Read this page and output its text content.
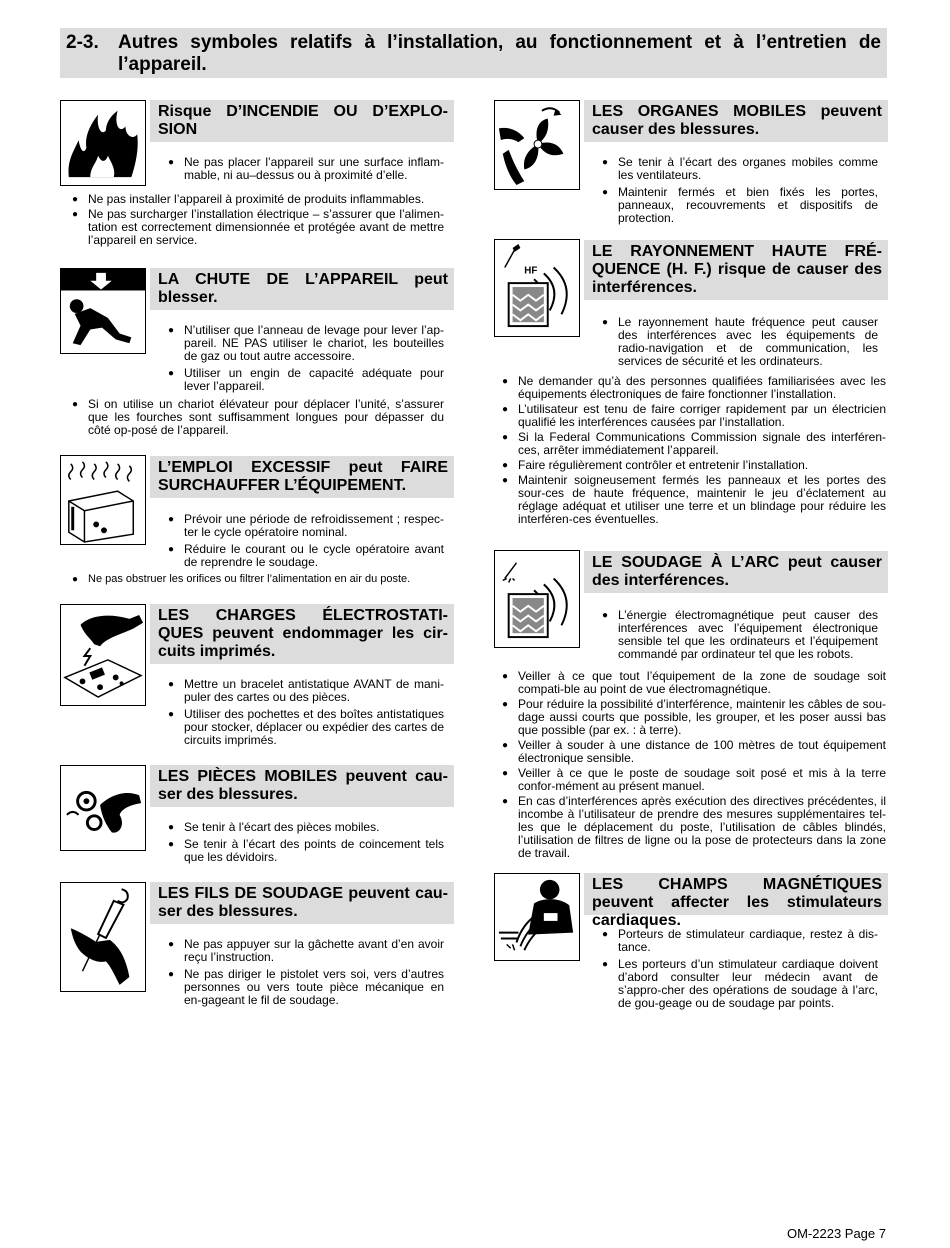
2-3. Autres symboles relatifs à l’installation, au fonctionnement et à l’entretien de l’appareil.
Risque D’INCENDIE OU D’EXPLO-SION
● Ne pas placer l’appareil sur une surface inflam-mable, ni au–dessus ou à proximité d’elle.
● Ne pas installer l’appareil à proximité de produits inflammables.
● Ne pas surcharger l’installation électrique – s’assurer que l’alimen-tation est correctement dimensionnée et protégée avant de mettre l’appareil en service.
LA CHUTE DE L’APPAREIL peut blesser.
● N’utiliser que l’anneau de levage pour lever l’ap-pareil. NE PAS utiliser le chariot, les bouteilles de gaz ou tout autre accessoire.
● Utiliser un engin de capacité adéquate pour lever l’appareil.
● Si on utilise un chariot élévateur pour déplacer l’unité, s’assurer que les fourches sont suffisamment longues pour dépasser du côté op-posé de l’appareil.
L’EMPLOI EXCESSIF peut FAIRE SURCHAUFFER L’ÉQUIPEMENT.
● Prévoir une période de refroidissement ; respec-ter le cycle opératoire nominal.
● Réduire le courant ou le cycle opératoire avant de reprendre le soudage.
● Ne pas obstruer les orifices ou filtrer l’alimentation en air du poste.
LES CHARGES ÉLECTROSTATI-QUES peuvent endommager les cir-cuits imprimés.
● Mettre un bracelet antistatique AVANT de mani-puler des cartes ou des pièces.
● Utiliser des pochettes et des boîtes antistatiques pour stocker, déplacer ou expédier des cartes de circuits imprimés.
LES PIÈCES MOBILES peuvent cau-ser des blessures.
● Se tenir à l’écart des pièces mobiles.
● Se tenir à l’écart des points de coincement tels que les dévidoirs.
LES FILS DE SOUDAGE peuvent cau-ser des blessures.
● Ne pas appuyer sur la gâchette avant d’en avoir reçu l’instruction.
● Ne pas diriger le pistolet vers soi, vers d’autres personnes ou vers toute pièce mécanique en en-gageant le fil de soudage.
LES ORGANES MOBILES peuvent causer des blessures.
● Se tenir à l’écart des organes mobiles comme les ventilateurs.
● Maintenir fermés et bien fixés les portes, panneaux, recouvrements et dispositifs de protection.
HF
LE RAYONNEMENT HAUTE FRÉ-QUENCE (H. F.) risque de causer des interférences.
● Le rayonnement haute fréquence peut causer des interférences avec les équipements de radio-navigation et de communication, les services de sécurité et les ordinateurs.
● Ne demander qu’à des personnes qualifiées familiarisées avec les équipements électroniques de faire fonctionner l’installation.
● L’utilisateur est tenu de faire corriger rapidement par un électricien qualifié les interférences causées par l’installation.
● Si la Federal Communications Commission signale des interféren-ces, arrêter immédiatement l’appareil.
● Faire régulièrement contrôler et entretenir l’installation.
● Maintenir soigneusement fermés les panneaux et les portes des sour-ces de haute fréquence, maintenir le jeu d’éclatement au réglage adéquat et utiliser une terre et un blindage pour réduire les interféren-ces éventuelles.
LE SOUDAGE À L’ARC peut causer des interférences.
● L’énergie électromagnétique peut causer des interférences avec l’équipement électronique sensible tel que les ordinateurs et l’équipement commandé par ordinateur tel que les robots.
● Veiller à ce que tout l’équipement de la zone de soudage soit compati-ble au point de vue électromagnétique.
● Pour réduire la possibilité d’interférence, maintenir les câbles de sou-dage aussi courts que possible, les grouper, et les poser aussi bas que possible (par ex. : à terre).
● Veiller à souder à une distance de 100 mètres de tout équipement électronique sensible.
● Veiller à ce que le poste de soudage soit posé et mis à la terre confor-mément au présent manuel.
● En cas d’interférences après exécution des directives précédentes, il incombe à l’utilisateur de prendre des mesures supplémentaires tel-les que le déplacement du poste, l’utilisation de câbles blindés, l’utilisation de filtres de ligne ou la pose de protecteurs dans la zone de travail.
LES CHAMPS MAGNÉTIQUES peuvent affecter les stimulateurs cardiaques.
● Porteurs de stimulateur cardiaque, restez à dis-tance.
● Les porteurs d’un stimulateur cardiaque doivent d’abord consulter leur médecin avant de s’appro-cher des opérations de soudage à l’arc, de gou-geage ou de soudage par points.
OM-2223 Page 7
